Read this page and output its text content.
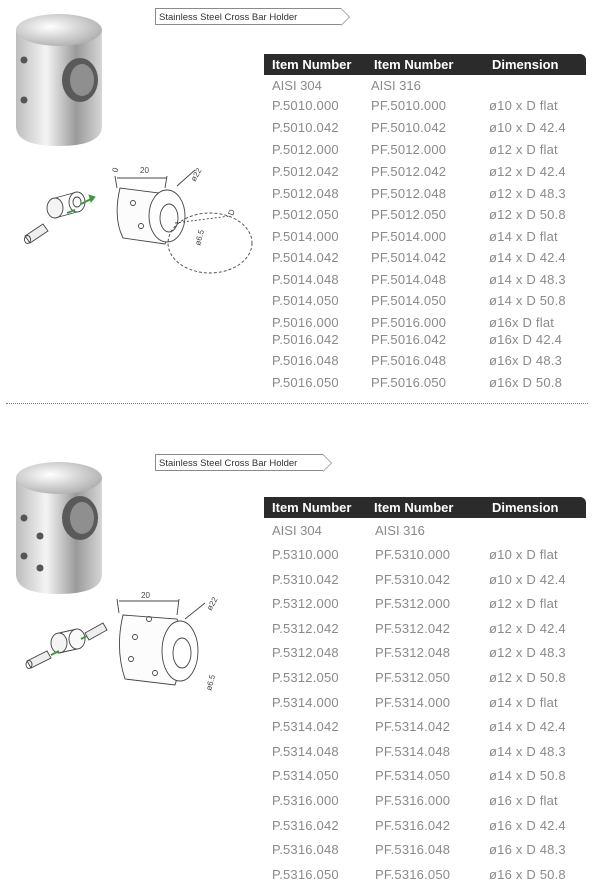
Stainless Steel Cross Bar Holder
0 20	ø22
ø6.5
D
Item Number Item Number	Dimension
AISI 304	AISI 316
P.5010.000 PF.5010.000	ø10 x D flat
P.5010.042 PF.5010.042	ø10 x D 42.4
P.5012.000 PF.5012.000	ø12 x D flat
P.5012.042 PF.5012.042	ø12 x D 42.4
P.5012.048 PF.5012.048	ø12 x D 48.3
P.5012.050 PF.5012.050	ø12 x D 50.8
P.5014.000 PF.5014.000	ø14 x D flat
P.5014.042 PF.5014.042	ø14 x D 42.4
P.5014.048 PF.5014.048	ø14 x D 48.3
P.5014.050 PF.5014.050	ø14 x D 50.8
P.5016.000 PF.5016.000	ø16x D flat
P.5016.042 PF.5016.042	ø16x D 42.4
P.5016.048 PF.5016.048	ø16x D 48.3
P.5016.050 PF.5016.050	ø16x D 50.8
Stainless Steel Cross Bar Holder
20
ø22
ø6.5
Item Number Item Number	Dimension
AISI 304	AISI 316
P.5310.000	PF.5310.000	ø10 x D flat
P.5310.042	PF.5310.042	ø10 x D 42.4
P.5312.000	PF.5312.000	ø12 x D flat
P.5312.042	PF.5312.042	ø12 x D 42.4
P.5312.048	PF.5312.048	ø12 x D 48.3
P.5312.050	PF.5312.050	ø12 x D 50.8
P.5314.000	PF.5314.000	ø14 x D flat
P.5314.042	PF.5314.042	ø14 x D 42.4
P.5314.048	PF.5314.048	ø14 x D 48.3
P.5314.050	PF.5314.050	ø14 x D 50.8
P.5316.000	PF.5316.000	ø16 x D flat
P.5316.042	PF.5316.042	ø16 x D 42.4
P.5316.048	PF.5316.048	ø16 x D 48.3
P.5316.050	PF.5316.050	ø16 x D 50.8
